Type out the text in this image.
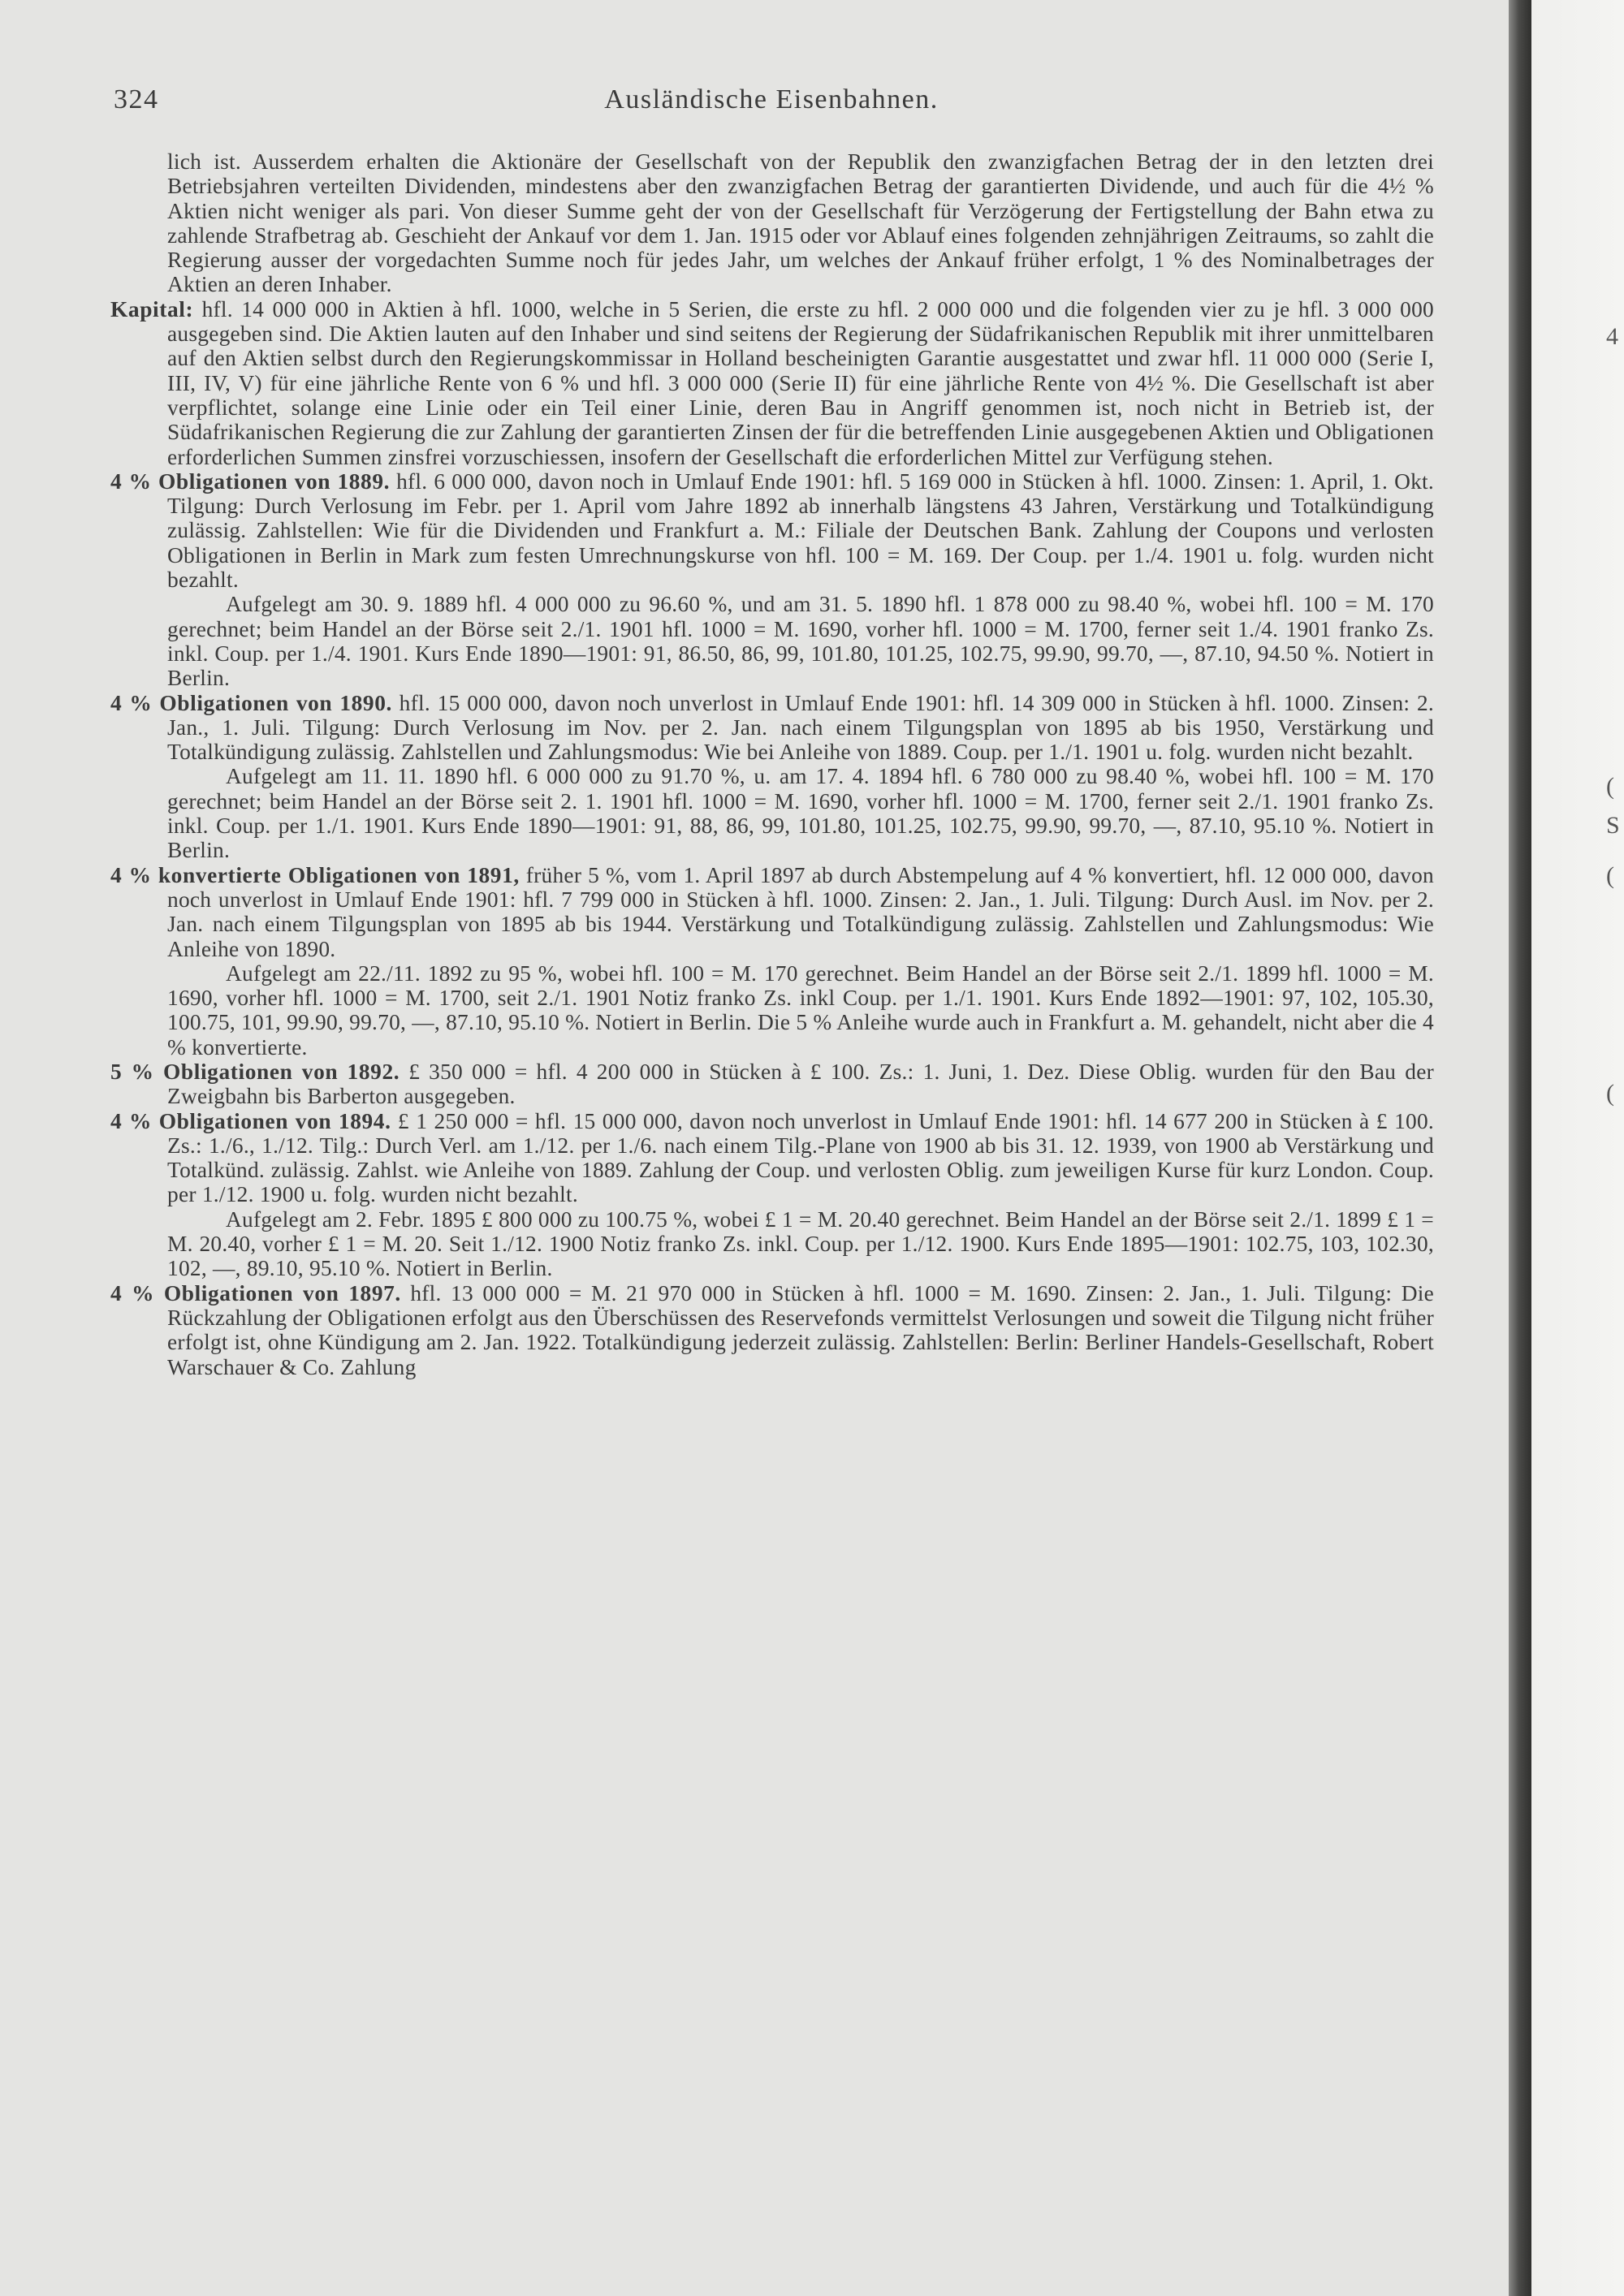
324	Ausländische Eisenbahnen.

lich ist. Ausserdem erhalten die Aktionäre der Gesellschaft von der Republik den zwanzigfachen Betrag der in den letzten drei Betriebsjahren verteilten Dividenden, mindestens aber den zwanzigfachen Betrag der garantierten Dividende, und auch für die 4½ % Aktien nicht weniger als pari. Von dieser Summe geht der von der Gesellschaft für Verzögerung der Fertigstellung der Bahn etwa zu zahlende Strafbetrag ab. Geschieht der Ankauf vor dem 1. Jan. 1915 oder vor Ablauf eines folgenden zehnjährigen Zeitraums, so zahlt die Regierung ausser der vorgedachten Summe noch für jedes Jahr, um welches der Ankauf früher erfolgt, 1 % des Nominalbetrages der Aktien an deren Inhaber.

Kapital: hfl. 14 000 000 in Aktien à hfl. 1000, welche in 5 Serien, die erste zu hfl. 2 000 000 und die folgenden vier zu je hfl. 3 000 000 ausgegeben sind. Die Aktien lauten auf den Inhaber und sind seitens der Regierung der Südafrikanischen Republik mit ihrer unmittelbaren auf den Aktien selbst durch den Regierungskommissar in Holland bescheinigten Garantie ausgestattet und zwar hfl. 11 000 000 (Serie I, III, IV, V) für eine jährliche Rente von 6 % und hfl. 3 000 000 (Serie II) für eine jährliche Rente von 4½ %. Die Gesellschaft ist aber verpflichtet, solange eine Linie oder ein Teil einer Linie, deren Bau in Angriff genommen ist, noch nicht in Betrieb ist, der Südafrikanischen Regierung die zur Zahlung der garantierten Zinsen der für die betreffenden Linie ausgegebenen Aktien und Obligationen erforderlichen Summen zinsfrei vorzuschiessen, insofern der Gesellschaft die erforderlichen Mittel zur Verfügung stehen.

4 % Obligationen von 1889. hfl. 6 000 000, davon noch in Umlauf Ende 1901: hfl. 5 169 000 in Stücken à hfl. 1000. Zinsen: 1. April, 1. Okt. Tilgung: Durch Verlosung im Febr. per 1. April vom Jahre 1892 ab innerhalb längstens 43 Jahren, Verstärkung und Totalkündigung zulässig. Zahlstellen: Wie für die Dividenden und Frankfurt a. M.: Filiale der Deutschen Bank. Zahlung der Coupons und verlosten Obligationen in Berlin in Mark zum festen Umrechnungskurse von hfl. 100 = M. 169. Der Coup. per 1./4. 1901 u. folg. wurden nicht bezahlt.

Aufgelegt am 30. 9. 1889 hfl. 4 000 000 zu 96.60 %, und am 31. 5. 1890 hfl. 1 878 000 zu 98.40 %, wobei hfl. 100 = M. 170 gerechnet; beim Handel an der Börse seit 2./1. 1901 hfl. 1000 = M. 1690, vorher hfl. 1000 = M. 1700, ferner seit 1./4. 1901 franko Zs. inkl. Coup. per 1./4. 1901. Kurs Ende 1890—1901: 91, 86.50, 86, 99, 101.80, 101.25, 102.75, 99.90, 99.70, —, 87.10, 94.50 %. Notiert in Berlin.

4 % Obligationen von 1890. hfl. 15 000 000, davon noch unverlost in Umlauf Ende 1901: hfl. 14 309 000 in Stücken à hfl. 1000. Zinsen: 2. Jan., 1. Juli. Tilgung: Durch Verlosung im Nov. per 2. Jan. nach einem Tilgungsplan von 1895 ab bis 1950, Verstärkung und Totalkündigung zulässig. Zahlstellen und Zahlungsmodus: Wie bei Anleihe von 1889. Coup. per 1./1. 1901 u. folg. wurden nicht bezahlt.

Aufgelegt am 11. 11. 1890 hfl. 6 000 000 zu 91.70 %, u. am 17. 4. 1894 hfl. 6 780 000 zu 98.40 %, wobei hfl. 100 = M. 170 gerechnet; beim Handel an der Börse seit 2. 1. 1901 hfl. 1000 = M. 1690, vorher hfl. 1000 = M. 1700, ferner seit 2./1. 1901 franko Zs. inkl. Coup. per 1./1. 1901. Kurs Ende 1890—1901: 91, 88, 86, 99, 101.80, 101.25, 102.75, 99.90, 99.70, —, 87.10, 95.10 %. Notiert in Berlin.

4 % konvertierte Obligationen von 1891, früher 5 %, vom 1. April 1897 ab durch Abstempelung auf 4 % konvertiert, hfl. 12 000 000, davon noch unverlost in Umlauf Ende 1901: hfl. 7 799 000 in Stücken à hfl. 1000. Zinsen: 2. Jan., 1. Juli. Tilgung: Durch Ausl. im Nov. per 2. Jan. nach einem Tilgungsplan von 1895 ab bis 1944. Verstärkung und Totalkündigung zulässig. Zahlstellen und Zahlungsmodus: Wie Anleihe von 1890.

Aufgelegt am 22./11. 1892 zu 95 %, wobei hfl. 100 = M. 170 gerechnet. Beim Handel an der Börse seit 2./1. 1899 hfl. 1000 = M. 1690, vorher hfl. 1000 = M. 1700, seit 2./1. 1901 Notiz franko Zs. inkl Coup. per 1./1. 1901. Kurs Ende 1892—1901: 97, 102, 105.30, 100.75, 101, 99.90, 99.70, —, 87.10, 95.10 %. Notiert in Berlin. Die 5 % Anleihe wurde auch in Frankfurt a. M. gehandelt, nicht aber die 4 % konvertierte.

5 % Obligationen von 1892. £ 350 000 = hfl. 4 200 000 in Stücken à £ 100. Zs.: 1. Juni, 1. Dez. Diese Oblig. wurden für den Bau der Zweigbahn bis Barberton ausgegeben.

4 % Obligationen von 1894. £ 1 250 000 = hfl. 15 000 000, davon noch unverlost in Umlauf Ende 1901: hfl. 14 677 200 in Stücken à £ 100. Zs.: 1./6., 1./12. Tilg.: Durch Verl. am 1./12. per 1./6. nach einem Tilg.-Plane von 1900 ab bis 31. 12. 1939, von 1900 ab Verstärkung und Totalkünd. zulässig. Zahlst. wie Anleihe von 1889. Zahlung der Coup. und verlosten Oblig. zum jeweiligen Kurse für kurz London. Coup. per 1./12. 1900 u. folg. wurden nicht bezahlt.

Aufgelegt am 2. Febr. 1895 £ 800 000 zu 100.75 %, wobei £ 1 = M. 20.40 gerechnet. Beim Handel an der Börse seit 2./1. 1899 £ 1 = M. 20.40, vorher £ 1 = M. 20. Seit 1./12. 1900 Notiz franko Zs. inkl. Coup. per 1./12. 1900. Kurs Ende 1895—1901: 102.75, 103, 102.30, 102, —, 89.10, 95.10 %. Notiert in Berlin.

4 % Obligationen von 1897. hfl. 13 000 000 = M. 21 970 000 in Stücken à hfl. 1000 = M. 1690. Zinsen: 2. Jan., 1. Juli. Tilgung: Die Rückzahlung der Obligationen erfolgt aus den Überschüssen des Reservefonds vermittelst Verlosungen und soweit die Tilgung nicht früher erfolgt ist, ohne Kündigung am 2. Jan. 1922. Totalkündigung jederzeit zulässig. Zahlstellen: Berlin: Berliner Handels-Gesellschaft, Robert Warschauer & Co. Zahlung

4
(
S
(
(
